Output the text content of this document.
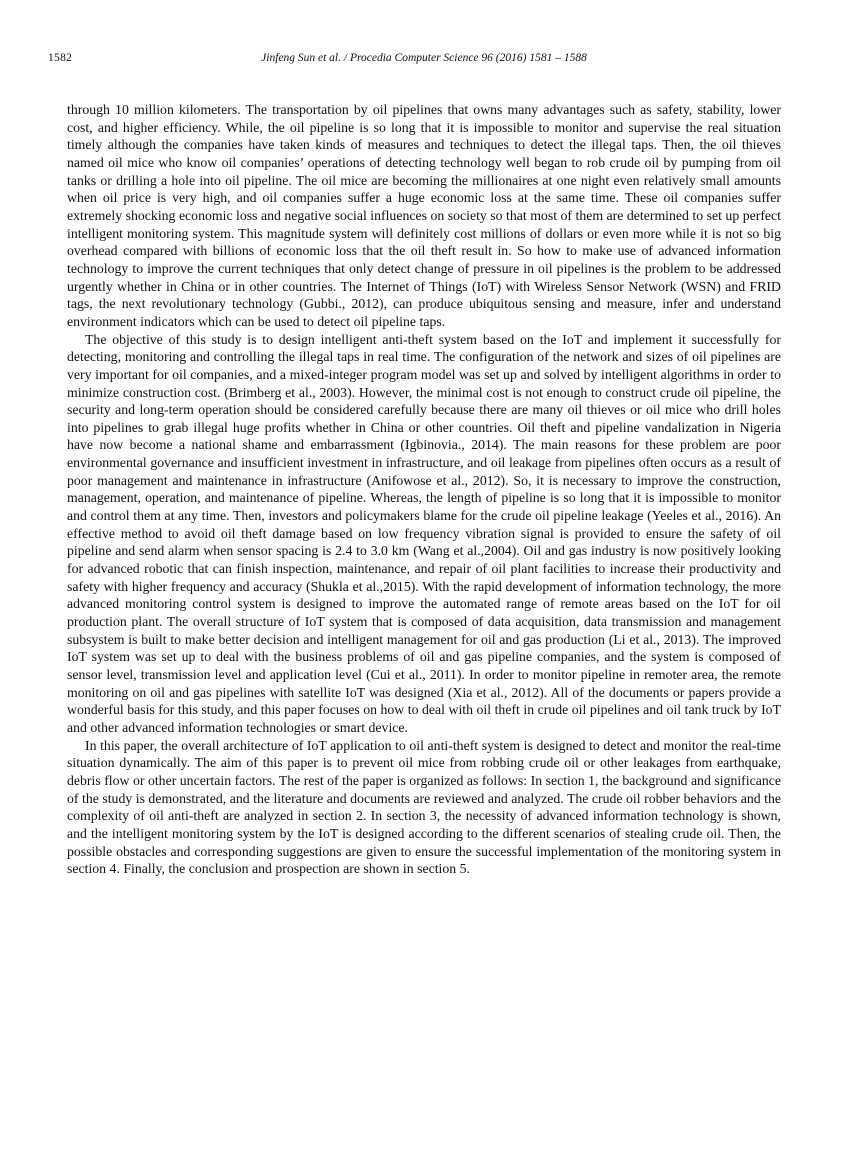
1582	Jinfeng Sun et al. / Procedia Computer Science 96 (2016) 1581 – 1588

through 10 million kilometers. The transportation by oil pipelines that owns many advantages such as safety, stability, lower cost, and higher efficiency. While, the oil pipeline is so long that it is impossible to monitor and supervise the real situation timely although the companies have taken kinds of measures and techniques to detect the illegal taps. Then, the oil thieves named oil mice who know oil companies’ operations of detecting technology well began to rob crude oil by pumping from oil tanks or drilling a hole into oil pipeline. The oil mice are becoming the millionaires at one night even relatively small amounts when oil price is very high, and oil companies suffer a huge economic loss at the same time. These oil companies suffer extremely shocking economic loss and negative social influences on society so that most of them are determined to set up perfect intelligent monitoring system. This magnitude system will definitely cost millions of dollars or even more while it is not so big overhead compared with billions of economic loss that the oil theft result in. So how to make use of advanced information technology to improve the current techniques that only detect change of pressure in oil pipelines is the problem to be addressed urgently whether in China or in other countries. The Internet of Things (IoT) with Wireless Sensor Network (WSN) and FRID tags, the next revolutionary technology (Gubbi., 2012), can produce ubiquitous sensing and measure, infer and understand environment indicators which can be used to detect oil pipeline taps.

The objective of this study is to design intelligent anti-theft system based on the IoT and implement it successfully for detecting, monitoring and controlling the illegal taps in real time. The configuration of the network and sizes of oil pipelines are very important for oil companies, and a mixed-integer program model was set up and solved by intelligent algorithms in order to minimize construction cost. (Brimberg et al., 2003). However, the minimal cost is not enough to construct crude oil pipeline, the security and long-term operation should be considered carefully because there are many oil thieves or oil mice who drill holes into pipelines to grab illegal huge profits whether in China or other countries. Oil theft and pipeline vandalization in Nigeria have now become a national shame and embarrassment (Igbinovia., 2014). The main reasons for these problem are poor environmental governance and insufficient investment in infrastructure, and oil leakage from pipelines often occurs as a result of poor management and maintenance in infrastructure (Anifowose et al., 2012). So, it is necessary to improve the construction, management, operation, and maintenance of pipeline. Whereas, the length of pipeline is so long that it is impossible to monitor and control them at any time. Then, investors and policymakers blame for the crude oil pipeline leakage (Yeeles et al., 2016). An effective method to avoid oil theft damage based on low frequency vibration signal is provided to ensure the safety of oil pipeline and send alarm when sensor spacing is 2.4 to 3.0 km (Wang et al.,2004). Oil and gas industry is now positively looking for advanced robotic that can finish inspection, maintenance, and repair of oil plant facilities to increase their productivity and safety with higher frequency and accuracy (Shukla et al.,2015). With the rapid development of information technology, the more advanced monitoring control system is designed to improve the automated range of remote areas based on the IoT for oil production plant. The overall structure of IoT system that is composed of data acquisition, data transmission and management subsystem is built to make better decision and intelligent management for oil and gas production (Li et al., 2013). The improved IoT system was set up to deal with the business problems of oil and gas pipeline companies, and the system is composed of sensor level, transmission level and application level (Cui et al., 2011). In order to monitor pipeline in remoter area, the remote monitoring on oil and gas pipelines with satellite IoT was designed (Xia et al., 2012). All of the documents or papers provide a wonderful basis for this study, and this paper focuses on how to deal with oil theft in crude oil pipelines and oil tank truck by IoT and other advanced information technologies or smart device.

In this paper, the overall architecture of IoT application to oil anti-theft system is designed to detect and monitor the real-time situation dynamically. The aim of this paper is to prevent oil mice from robbing crude oil or other leakages from earthquake, debris flow or other uncertain factors. The rest of the paper is organized as follows: In section 1, the background and significance of the study is demonstrated, and the literature and documents are reviewed and analyzed. The crude oil robber behaviors and the complexity of oil anti-theft are analyzed in section 2. In section 3, the necessity of advanced information technology is shown, and the intelligent monitoring system by the IoT is designed according to the different scenarios of stealing crude oil. Then, the possible obstacles and corresponding suggestions are given to ensure the successful implementation of the monitoring system in section 4. Finally, the conclusion and prospection are shown in section 5.
